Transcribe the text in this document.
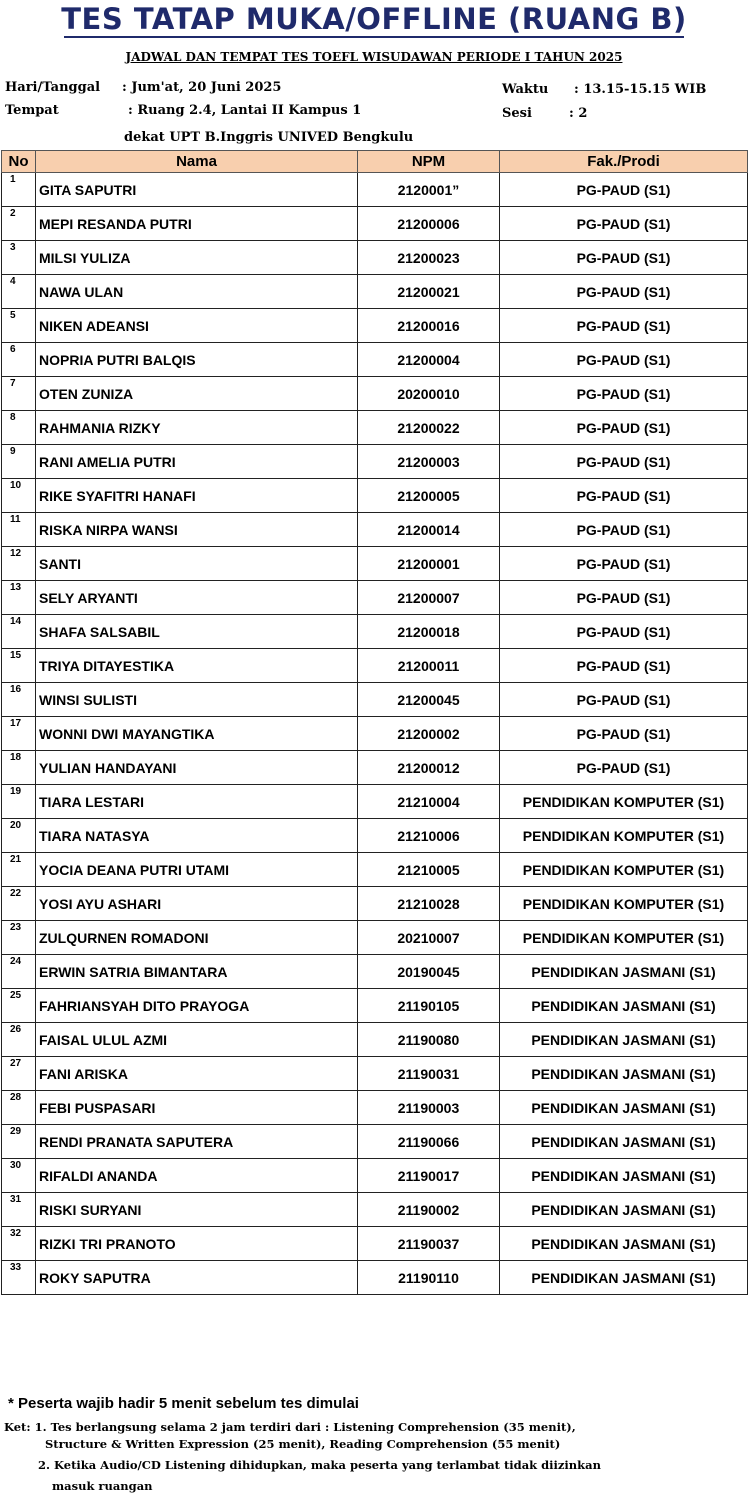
TES TATAP MUKA/OFFLINE (RUANG B)
JADWAL DAN TEMPAT TES TOEFL WISUDAWAN PERIODE I TAHUN 2025
Hari/Tanggal : Jum'at, 20 Juni 2025
Tempat	: Ruang 2.4, Lantai II Kampus 1
dekat UPT B.Inggris UNIVED Bengkulu
Waktu : 13.15-15.15 WIB
Sesi	: 2
No	Nama	NPM	Fak./Prodi
1	GITA SAPUTRI	2120001”	PG-PAUD (S1)
2	MEPI RESANDA PUTRI	21200006	PG-PAUD (S1)
3	MILSI YULIZA	21200023	PG-PAUD (S1)
4	NAWA ULAN	21200021	PG-PAUD (S1)
5	NIKEN ADEANSI	21200016	PG-PAUD (S1)
6	NOPRIA PUTRI BALQIS	21200004	PG-PAUD (S1)
7	OTEN ZUNIZA	20200010	PG-PAUD (S1)
8	RAHMANIA RIZKY	21200022	PG-PAUD (S1)
9	RANI AMELIA PUTRI	21200003	PG-PAUD (S1)
10	RIKE SYAFITRI HANAFI	21200005	PG-PAUD (S1)
11	RISKA NIRPA WANSI	21200014	PG-PAUD (S1)
12	SANTI	21200001	PG-PAUD (S1)
13	SELY ARYANTI	21200007	PG-PAUD (S1)
14	SHAFA SALSABIL	21200018	PG-PAUD (S1)
15	TRIYA DITAYESTIKA	21200011	PG-PAUD (S1)
16	WINSI SULISTI	21200045	PG-PAUD (S1)
17	WONNI DWI MAYANGTIKA	21200002	PG-PAUD (S1)
18	YULIAN HANDAYANI	21200012	PG-PAUD (S1)
19	TIARA LESTARI	21210004	PENDIDIKAN KOMPUTER (S1)
20	TIARA NATASYA	21210006	PENDIDIKAN KOMPUTER (S1)
21	YOCIA DEANA PUTRI UTAMI	21210005	PENDIDIKAN KOMPUTER (S1)
22	YOSI AYU ASHARI	21210028	PENDIDIKAN KOMPUTER (S1)
23	ZULQURNEN ROMADONI	20210007	PENDIDIKAN KOMPUTER (S1)
24	ERWIN SATRIA BIMANTARA	20190045	PENDIDIKAN JASMANI (S1)
25	FAHRIANSYAH DITO PRAYOGA	21190105	PENDIDIKAN JASMANI (S1)
26	FAISAL ULUL AZMI	21190080	PENDIDIKAN JASMANI (S1)
27	FANI ARISKA	21190031	PENDIDIKAN JASMANI (S1)
28	FEBI PUSPASARI	21190003	PENDIDIKAN JASMANI (S1)
29	RENDI PRANATA SAPUTERA	21190066	PENDIDIKAN JASMANI (S1)
30	RIFALDI ANANDA	21190017	PENDIDIKAN JASMANI (S1)
31	RISKI SURYANI	21190002	PENDIDIKAN JASMANI (S1)
32	RIZKI TRI PRANOTO	21190037	PENDIDIKAN JASMANI (S1)
33	ROKY SAPUTRA	21190110	PENDIDIKAN JASMANI (S1)
* Peserta wajib hadir 5 menit sebelum tes dimulai
Ket: 1. Tes berlangsung selama 2 jam terdiri dari : Listening Comprehension (35 menit),
Structure & Written Expression (25 menit), Reading Comprehension (55 menit)
2. Ketika Audio/CD Listening dihidupkan, maka peserta yang terlambat tidak diizinkan
masuk ruangan
